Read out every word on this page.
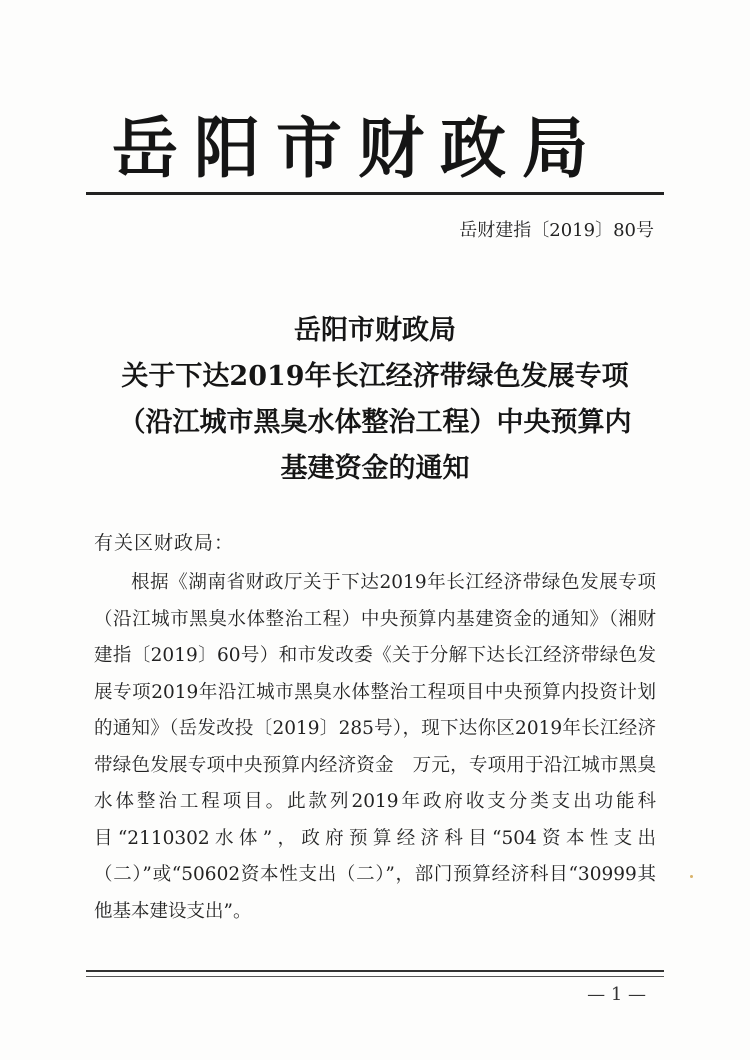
岳阳市财政局
岳财建指〔2019〕80号
岳阳市财政局
关于下达2019年长江经济带绿色发展专项
（沿江城市黑臭水体整治工程）中央预算内
基建资金的通知
有关区财政局：

根据《湖南省财政厅关于下达2019年长江经济带绿色发展专项（沿江城市黑臭水体整治工程）中央预算内基建资金的通知》（湘财建指〔2019〕60号）和市发改委《关于分解下达长江经济带绿色发展专项2019年沿江城市黑臭水体整治工程项目中央预算内投资计划的通知》（岳发改投〔2019〕285号），现下达你区2019年长江经济带绿色发展专项中央预算内经济资金　万元，专项用于沿江城市黑臭水体整治工程项目。此款列2019年政府收支分类支出功能科目“2110302水体”，政府预算经济科目“504资本性支出（二）”或“50602资本性支出（二）”，部门预算经济科目“30999其他基本建设支出”。

— 1 —
